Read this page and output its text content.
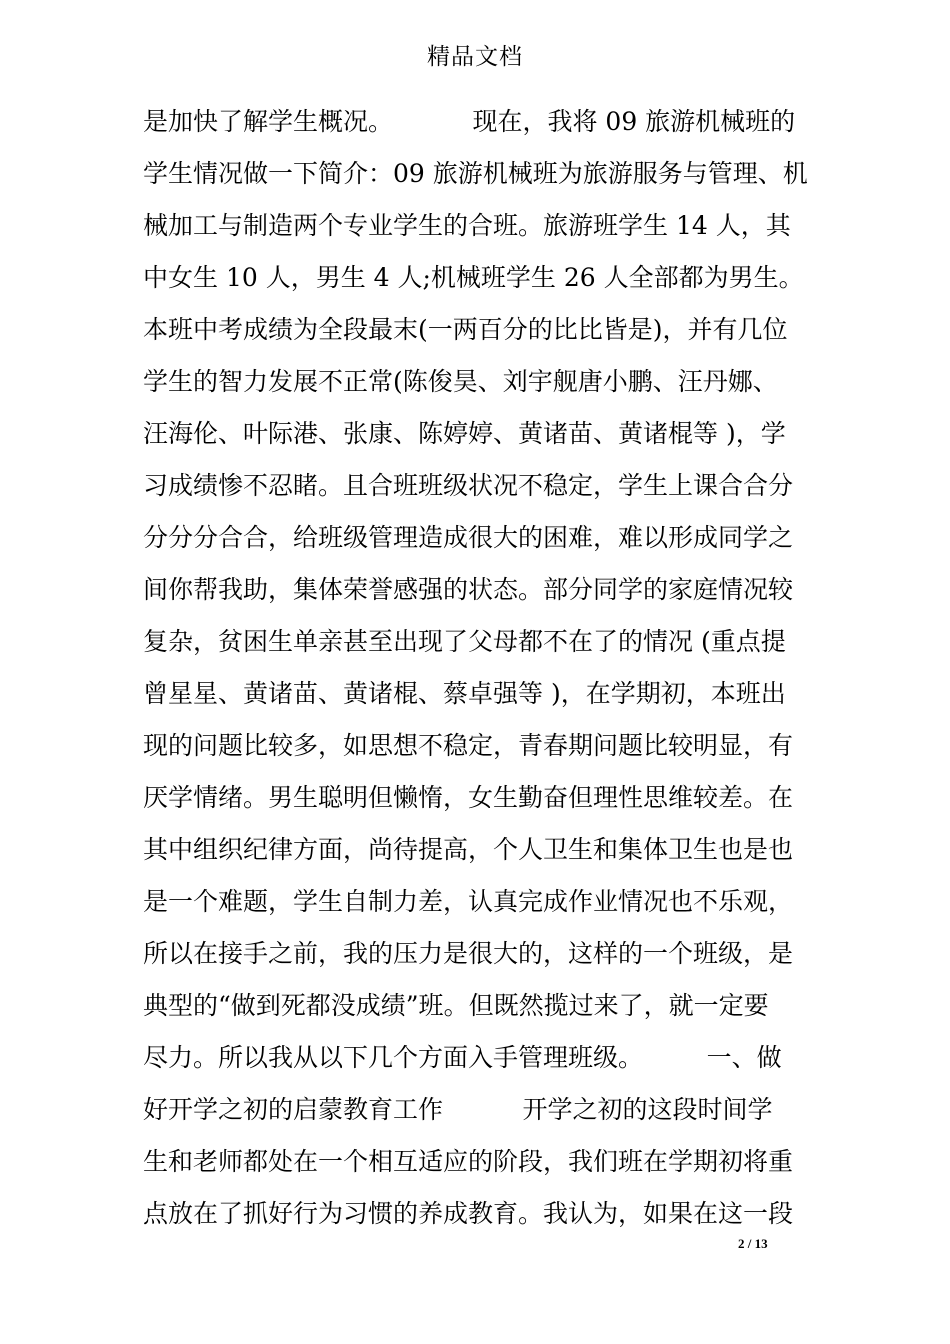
精品文档
是加快了解学生概况。          现在，我将 09 旅游机械班的
学生情况做一下简介：09 旅游机械班为旅游服务与管理、机
械加工与制造两个专业学生的合班。旅游班学生 14 人，其
中女生 10 人，男生 4 人;机械班学生 26 人全部都为男生。
本班中考成绩为全段最末(一两百分的比比皆是)，并有几位
学生的智力发展不正常(陈俊昊、刘宇舰唐小鹏、汪丹娜、
汪海伦、叶际港、张康、陈婷婷、黄诸苗、黄诸棍等 )，学
习成绩惨不忍睹。且合班班级状况不稳定，学生上课合合分
分分分合合，给班级管理造成很大的困难，难以形成同学之
间你帮我助，集体荣誉感强的状态。部分同学的家庭情况较
复杂，贫困生单亲甚至出现了父母都不在了的情况 (重点提
曾星星、黄诸苗、黄诸棍、蔡卓强等 )，在学期初，本班出
现的问题比较多，如思想不稳定，青春期问题比较明显，有
厌学情绪。男生聪明但懒惰，女生勤奋但理性思维较差。在
其中组织纪律方面，尚待提高，个人卫生和集体卫生也是也
是一个难题，学生自制力差，认真完成作业情况也不乐观，
所以在接手之前，我的压力是很大的，这样的一个班级，是
典型的“做到死都没成绩”班。但既然揽过来了，就一定要
尽力。所以我从以下几个方面入手管理班级。        一、做
好开学之初的启蒙教育工作          开学之初的这段时间学
生和老师都处在一个相互适应的阶段，我们班在学期初将重
点放在了抓好行为习惯的养成教育。我认为，如果在这一段
2 / 13
